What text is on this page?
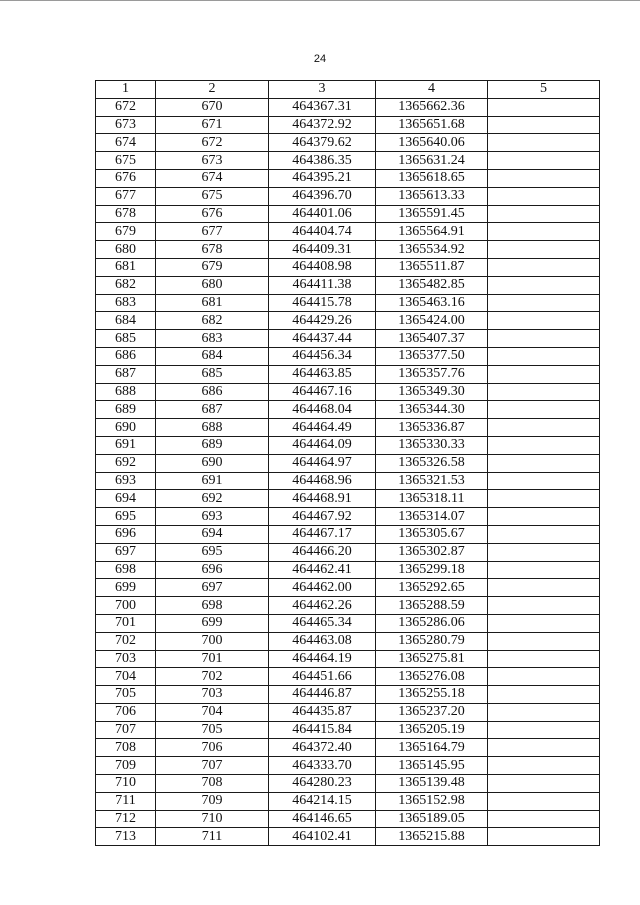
24
1	2	3	4	5
672	670	464367.31	1365662.36	
673	671	464372.92	1365651.68	
674	672	464379.62	1365640.06	
675	673	464386.35	1365631.24	
676	674	464395.21	1365618.65	
677	675	464396.70	1365613.33	
678	676	464401.06	1365591.45	
679	677	464404.74	1365564.91	
680	678	464409.31	1365534.92	
681	679	464408.98	1365511.87	
682	680	464411.38	1365482.85	
683	681	464415.78	1365463.16	
684	682	464429.26	1365424.00	
685	683	464437.44	1365407.37	
686	684	464456.34	1365377.50	
687	685	464463.85	1365357.76	
688	686	464467.16	1365349.30	
689	687	464468.04	1365344.30	
690	688	464464.49	1365336.87	
691	689	464464.09	1365330.33	
692	690	464464.97	1365326.58	
693	691	464468.96	1365321.53	
694	692	464468.91	1365318.11	
695	693	464467.92	1365314.07	
696	694	464467.17	1365305.67	
697	695	464466.20	1365302.87	
698	696	464462.41	1365299.18	
699	697	464462.00	1365292.65	
700	698	464462.26	1365288.59	
701	699	464465.34	1365286.06	
702	700	464463.08	1365280.79	
703	701	464464.19	1365275.81	
704	702	464451.66	1365276.08	
705	703	464446.87	1365255.18	
706	704	464435.87	1365237.20	
707	705	464415.84	1365205.19	
708	706	464372.40	1365164.79	
709	707	464333.70	1365145.95	
710	708	464280.23	1365139.48	
711	709	464214.15	1365152.98	
712	710	464146.65	1365189.05	
713	711	464102.41	1365215.88	
